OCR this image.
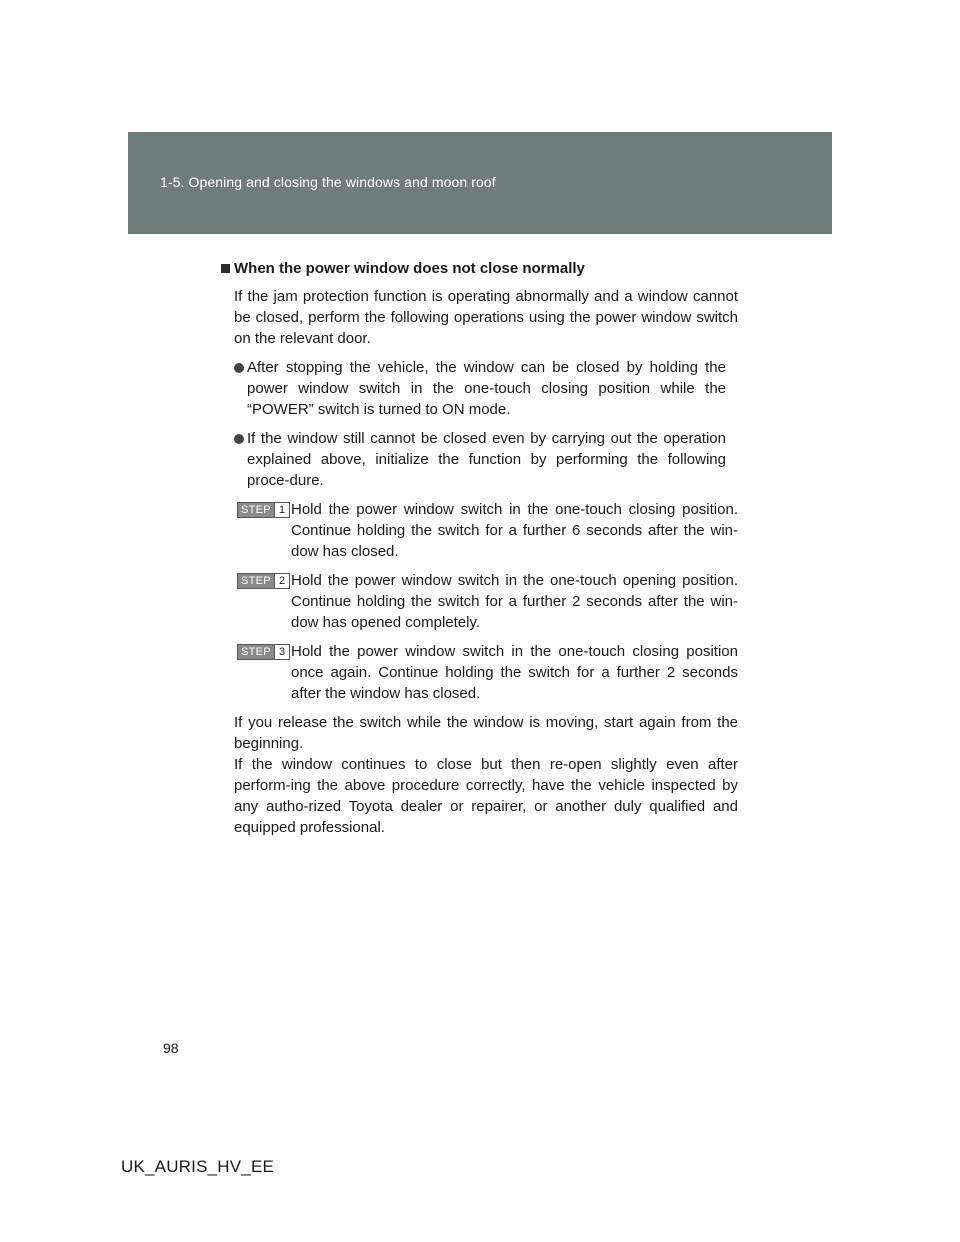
1-5. Opening and closing the windows and moon roof
When the power window does not close normally
If the jam protection function is operating abnormally and a window cannot be closed, perform the following operations using the power window switch on the relevant door.
After stopping the vehicle, the window can be closed by holding the power window switch in the one-touch closing position while the “POWER” switch is turned to ON mode.
If the window still cannot be closed even by carrying out the operation explained above, initialize the function by performing the following proce-dure.
STEP 1 Hold the power window switch in the one-touch closing position. Continue holding the switch for a further 6 seconds after the win-dow has closed.
STEP 2 Hold the power window switch in the one-touch opening position. Continue holding the switch for a further 2 seconds after the win-dow has opened completely.
STEP 3 Hold the power window switch in the one-touch closing position once again. Continue holding the switch for a further 2 seconds after the window has closed.

If you release the switch while the window is moving, start again from the beginning.

If the window continues to close but then re-open slightly even after perform-ing the above procedure correctly, have the vehicle inspected by any autho-rized Toyota dealer or repairer, or another duly qualified and equipped professional.

98
UK_AURIS_HV_EE
